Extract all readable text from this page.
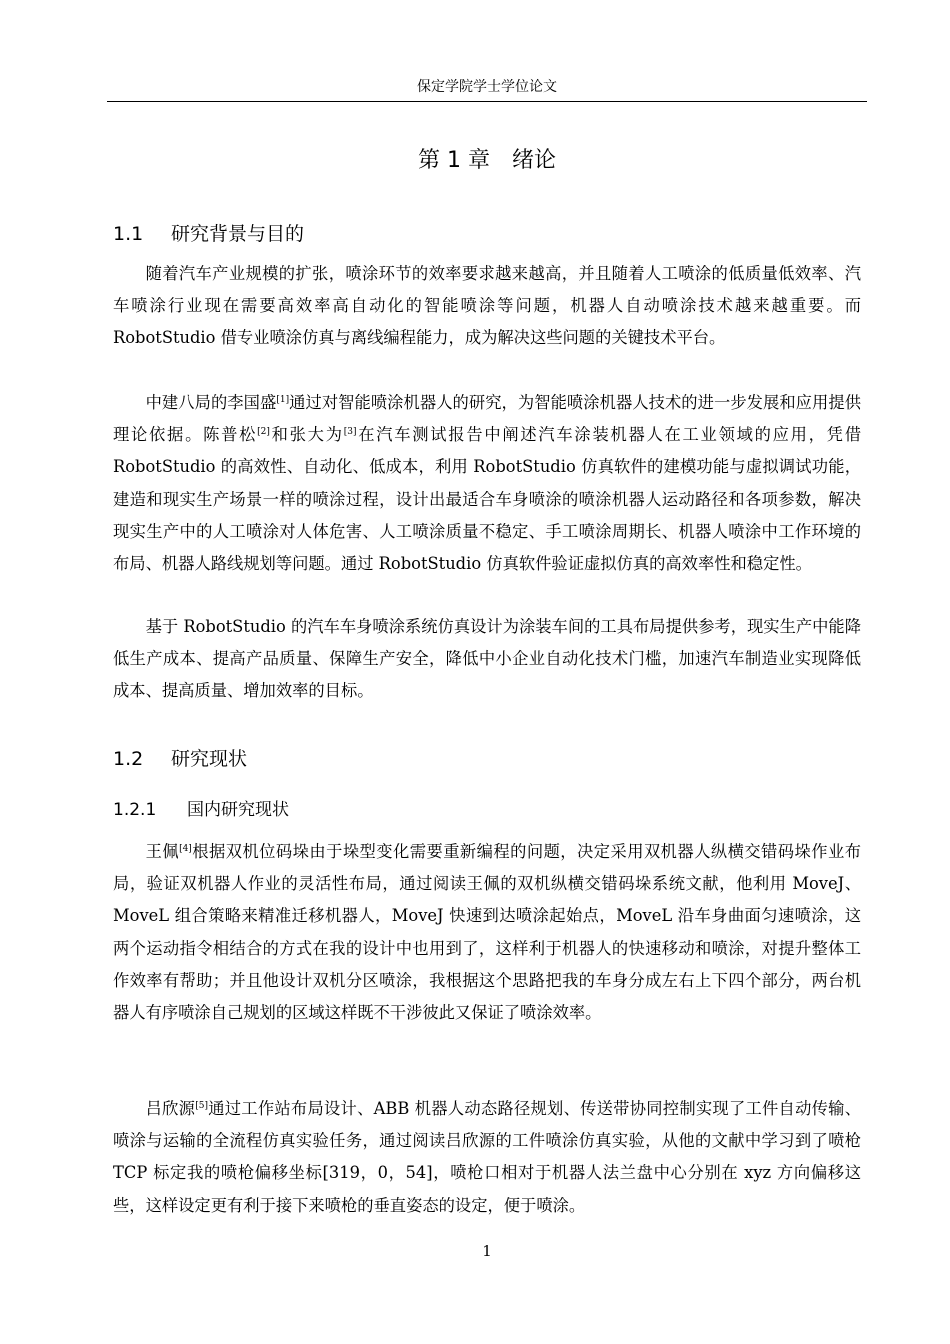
保定学院学士学位论文
第 1 章 绪论
1.1 研究背景与目的

随着汽车产业规模的扩张，喷涂环节的效率要求越来越高，并且随着人工喷涂的低质量低效率、汽车喷涂行业现在需要高效率高自动化的智能喷涂等问题，机器人自动喷涂技术越来越重要。而 RobotStudio 借专业喷涂仿真与离线编程能力，成为解决这些问题的关键技术平台。

中建八局的李国盛[1]通过对智能喷涂机器人的研究，为智能喷涂机器人技术的进一步发展和应用提供理论依据。陈普松[2]和张大为[3]在汽车测试报告中阐述汽车涂装机器人在工业领域的应用，凭借 RobotStudio 的高效性、自动化、低成本，利用 RobotStudio 仿真软件的建模功能与虚拟调试功能，建造和现实生产场景一样的喷涂过程，设计出最适合车身喷涂的喷涂机器人运动路径和各项参数，解决现实生产中的人工喷涂对人体危害、人工喷涂质量不稳定、手工喷涂周期长、机器人喷涂中工作环境的布局、机器人路线规划等问题。通过 RobotStudio 仿真软件验证虚拟仿真的高效率性和稳定性。

基于 RobotStudio 的汽车车身喷涂系统仿真设计为涂装车间的工具布局提供参考，现实生产中能降低生产成本、提高产品质量、保障生产安全，降低中小企业自动化技术门槛，加速汽车制造业实现降低成本、提高质量、增加效率的目标。

1.2 研究现状
1.2.1 国内研究现状

王佩[4]根据双机位码垛由于垛型变化需要重新编程的问题，决定采用双机器人纵横交错码垛作业布局，验证双机器人作业的灵活性布局，通过阅读王佩的双机纵横交错码垛系统文献，他利用 MoveJ、MoveL 组合策略来精准迁移机器人，MoveJ 快速到达喷涂起始点，MoveL 沿车身曲面匀速喷涂，这两个运动指令相结合的方式在我的设计中也用到了，这样利于机器人的快速移动和喷涂，对提升整体工作效率有帮助；并且他设计双机分区喷涂，我根据这个思路把我的车身分成左右上下四个部分，两台机器人有序喷涂自己规划的区域这样既不干涉彼此又保证了喷涂效率。

吕欣源[5]通过工作站布局设计、ABB 机器人动态路径规划、传送带协同控制实现了工件自动传输、喷涂与运输的全流程仿真实验任务，通过阅读吕欣源的工件喷涂仿真实验，从他的文献中学习到了喷枪 TCP 标定我的喷枪偏移坐标[319，0，54]，喷枪口相对于机器人法兰盘中心分别在 xyz 方向偏移这些，这样设定更有利于接下来喷枪的垂直姿态的设定，便于喷涂。

1
